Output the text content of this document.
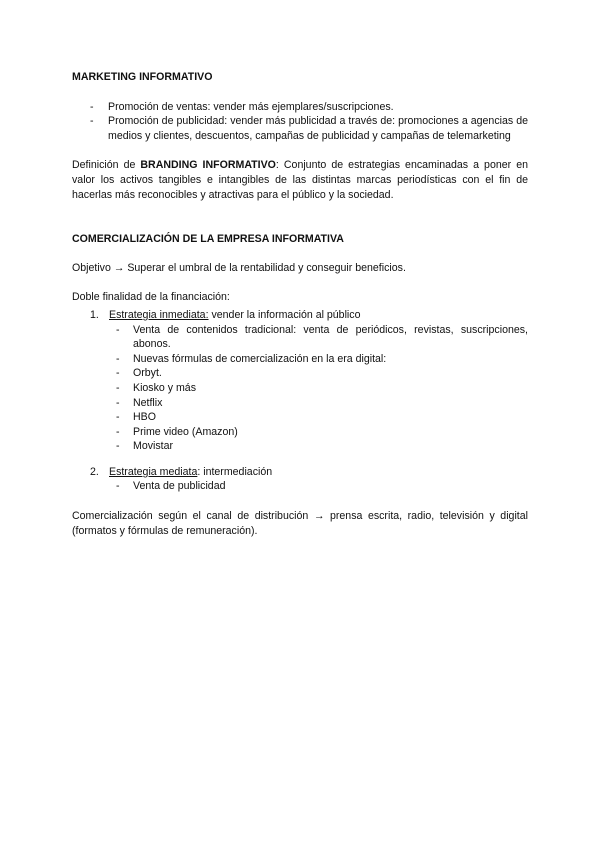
MARKETING INFORMATIVO
- Promoción de ventas: vender más ejemplares/suscripciones.
- Promoción de publicidad: vender más publicidad a través de: promociones a agencias de medios y clientes, descuentos, campañas de publicidad y campañas de telemarketing

Definición de BRANDING INFORMATIVO: Conjunto de estrategias encaminadas a poner en valor los activos tangibles e intangibles de las distintas marcas periodísticas con el fin de hacerlas más reconocibles y atractivas para el público y la sociedad.

COMERCIALIZACIÓN DE LA EMPRESA INFORMATIVA

Objetivo → Superar el umbral de la rentabilidad y conseguir beneficios.

Doble finalidad de la financiación:

1. Estrategia inmediata: vender la información al público
- Venta de contenidos tradicional: venta de periódicos, revistas, suscripciones, abonos.
- Nuevas fórmulas de comercialización en la era digital:
- Orbyt.
- Kiosko y más
- Netflix
- HBO
- Prime video (Amazon)
- Movistar
2. Estrategia mediata: intermediación
- Venta de publicidad

Comercialización según el canal de distribución → prensa escrita, radio, televisión y digital (formatos y fórmulas de remuneración).
